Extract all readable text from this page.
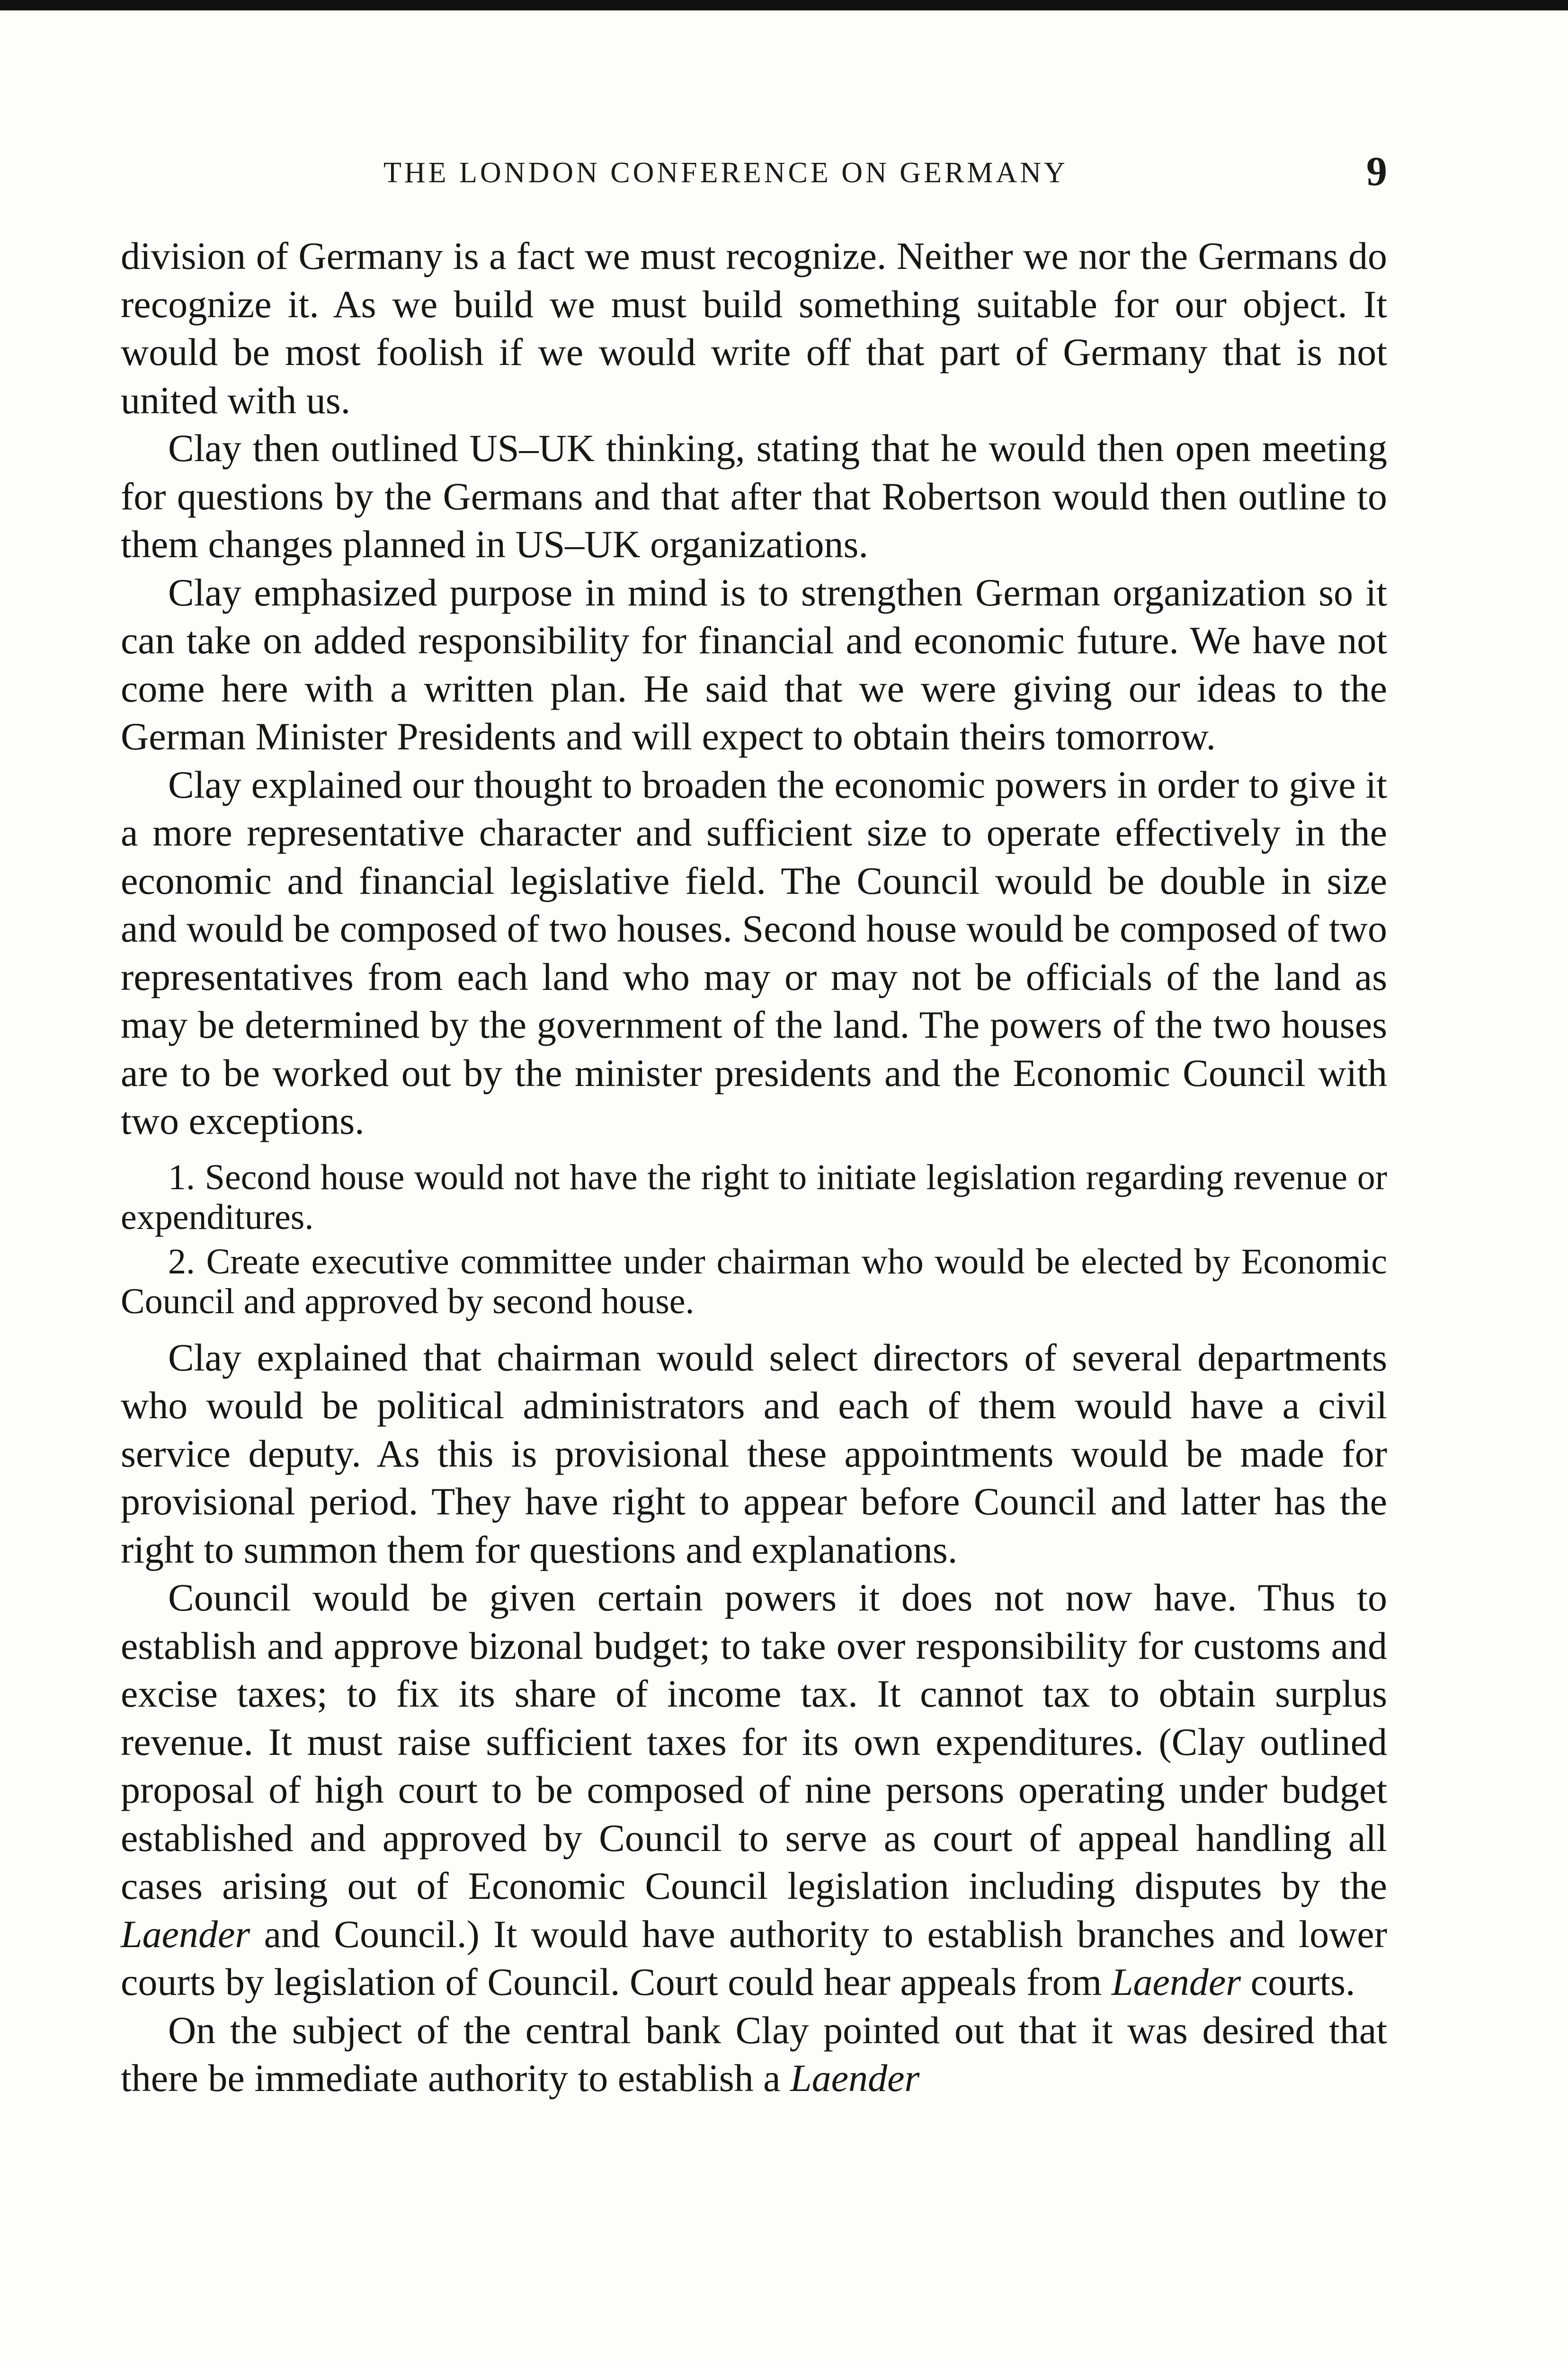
THE LONDON CONFERENCE ON GERMANY	9

division of Germany is a fact we must recognize. Neither we nor the Germans do recognize it. As we build we must build something suitable for our object. It would be most foolish if we would write off that part of Germany that is not united with us.

Clay then outlined US–UK thinking, stating that he would then open meeting for questions by the Germans and that after that Robertson would then outline to them changes planned in US–UK organizations.

Clay emphasized purpose in mind is to strengthen German organization so it can take on added responsibility for financial and economic future. We have not come here with a written plan. He said that we were giving our ideas to the German Minister Presidents and will expect to obtain theirs tomorrow.

Clay explained our thought to broaden the economic powers in order to give it a more representative character and sufficient size to operate effectively in the economic and financial legislative field. The Council would be double in size and would be composed of two houses. Second house would be composed of two representatives from each land who may or may not be officials of the land as may be determined by the government of the land. The powers of the two houses are to be worked out by the minister presidents and the Economic Council with two exceptions.

1. Second house would not have the right to initiate legislation regarding revenue or expenditures.

2. Create executive committee under chairman who would be elected by Economic Council and approved by second house.

Clay explained that chairman would select directors of several departments who would be political administrators and each of them would have a civil service deputy. As this is provisional these appointments would be made for provisional period. They have right to appear before Council and latter has the right to summon them for questions and explanations.

Council would be given certain powers it does not now have. Thus to establish and approve bizonal budget; to take over responsibility for customs and excise taxes; to fix its share of income tax. It cannot tax to obtain surplus revenue. It must raise sufficient taxes for its own expenditures. (Clay outlined proposal of high court to be composed of nine persons operating under budget established and approved by Council to serve as court of appeal handling all cases arising out of Economic Council legislation including disputes by the Laender and Council.) It would have authority to establish branches and lower courts by legislation of Council. Court could hear appeals from Laender courts.

On the subject of the central bank Clay pointed out that it was desired that there be immediate authority to establish a Laender
